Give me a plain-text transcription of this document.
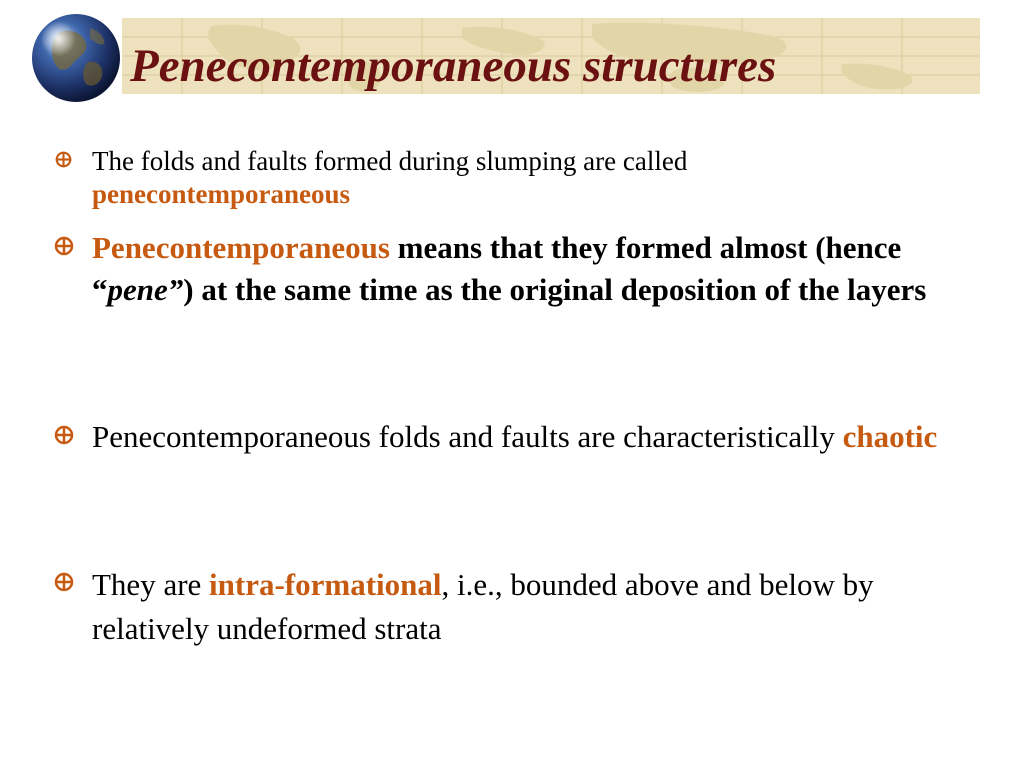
Penecontemporaneous structures
The folds and faults formed during slumping are called
penecontemporaneous
Penecontemporaneous means that they formed almost (hence “pene”) at the same time as the original deposition of the layers
Penecontemporaneous folds and faults are characteristically chaotic
They are intra-formational, i.e., bounded above and below by relatively undeformed strata
